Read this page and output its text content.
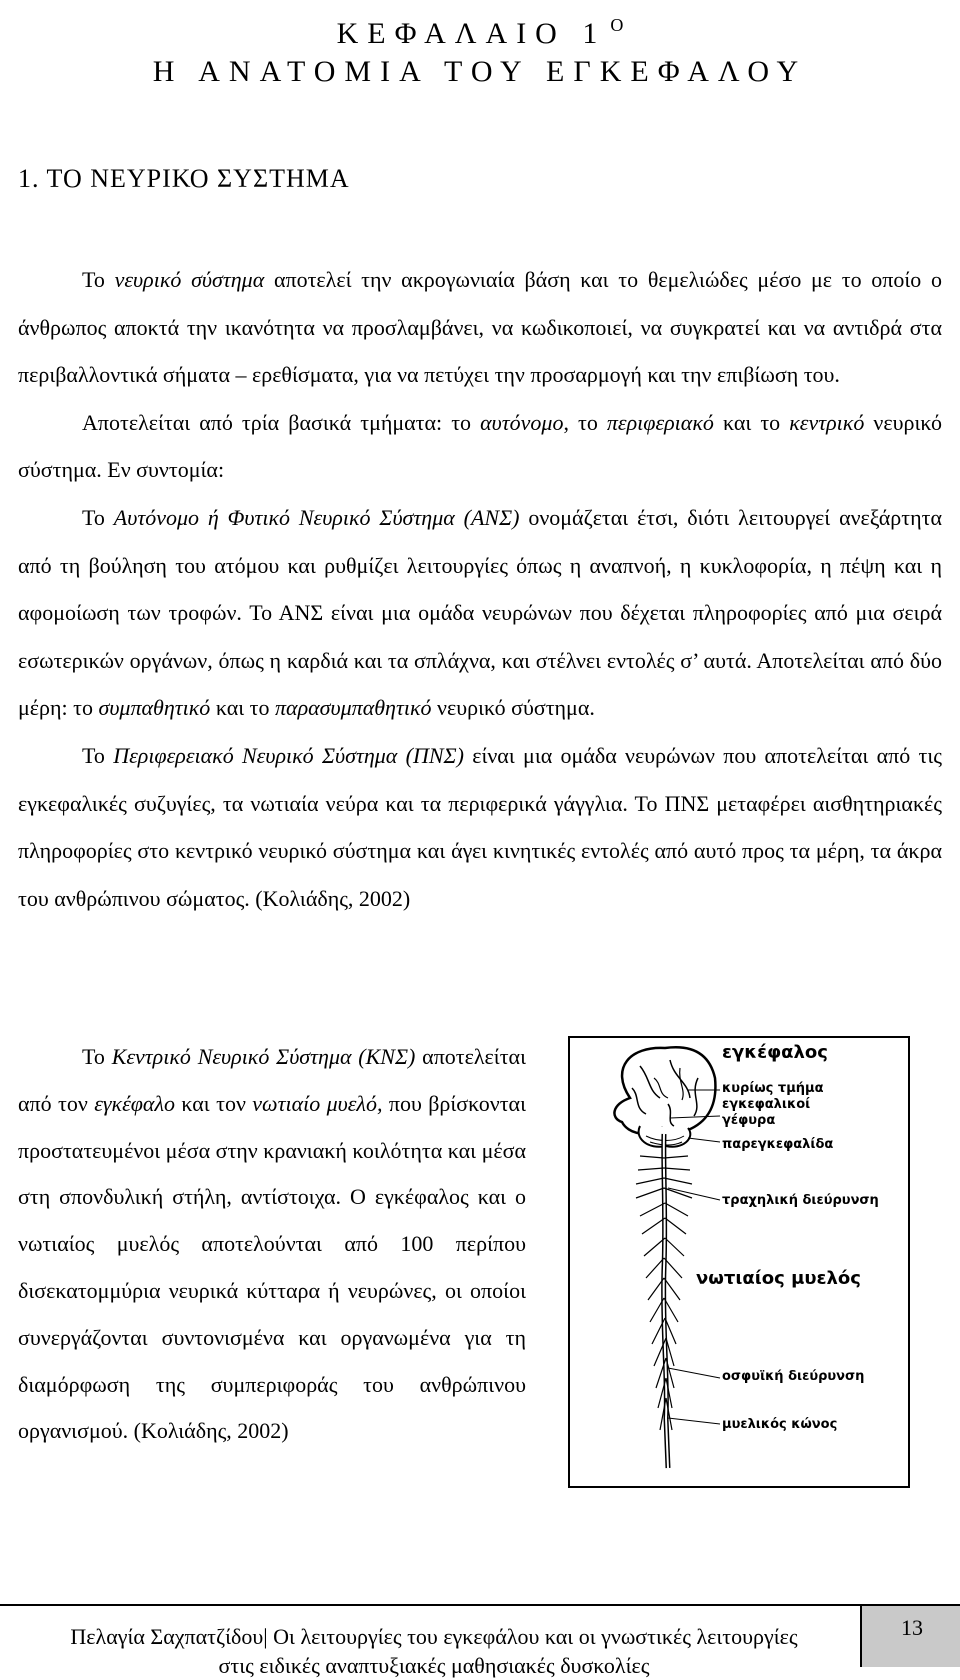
ΚΕΦΑΛΑΙΟ 1 $^O$
Η ΑΝΑΤΟΜΙΑ ΤΟΥ ΕΓΚΕΦΑΛΟΥ
1. ΤΟ ΝΕΥΡΙΚΟ ΣΥΣΤΗΜΑ

Το νευρικό σύστημα αποτελεί την ακρογωνιαία βάση και το θεμελιώδες μέσο με το οποίο ο άνθρωπος αποκτά την ικανότητα να προσλαμβάνει, να κωδικοποιεί, να συγκρατεί και να αντιδρά στα περιβαλλοντικά σήματα – ερεθίσματα, για να πετύχει την προσαρμογή και την επιβίωση του.

Αποτελείται από τρία βασικά τμήματα: το αυτόνομο, το περιφεριακό και το κεντρικό νευρικό σύστημα. Εν συντομία:

Το Αυτόνομο ή Φυτικό Νευρικό Σύστημα (ΑΝΣ) ονομάζεται έτσι, διότι λειτουργεί ανεξάρτητα από τη βούληση του ατόμου και ρυθμίζει λειτουργίες όπως η αναπνοή, η κυκλοφορία, η πέψη και η αφομοίωση των τροφών. Το ΑΝΣ είναι μια ομάδα νευρώνων που δέχεται πληροφορίες από μια σειρά εσωτερικών οργάνων, όπως η καρδιά και τα σπλάχνα, και στέλνει εντολές σ’ αυτά. Αποτελείται από δύο μέρη: το συμπαθητικό και το παρασυμπαθητικό νευρικό σύστημα.

Το Περιφερειακό Νευρικό Σύστημα (ΠΝΣ) είναι μια ομάδα νευρώνων που αποτελείται από τις εγκεφαλικές συζυγίες, τα νωτιαία νεύρα και τα περιφερικά γάγγλια. Το ΠΝΣ μεταφέρει αισθητηριακές πληροφορίες στο κεντρικό νευρικό σύστημα και άγει κινητικές εντολές από αυτό προς τα μέρη, τα άκρα του ανθρώπινου σώματος. (Κολιάδης, 2002)

Το Κεντρικό Νευρικό Σύστημα (ΚΝΣ) αποτελείται από τον εγκέφαλο και τον νωτιαίο μυελό, που βρίσκονται προστατευμένοι μέσα στην κρανιακή κοιλότητα και μέσα στη σπονδυλική στήλη, αντίστοιχα. Ο εγκέφαλος και ο νωτιαίος μυελός αποτελούνται από 100 περίπου δισεκατομμύρια νευρικά κύτταρα ή νευρώνες, οι οποίοι συνεργάζονται συντονισμένα και οργανωμένα για τη διαμόρφωση της συμπεριφοράς του ανθρώπινου οργανισμού. (Κολιάδης, 2002)
εγκέφαλος
κυρίως τμήμα
εγκεφαλικοί
γέφυρα
παρεγκεφαλίδα
τραχηλική διεύρυνση
νωτιαίος μυελός
οσφυϊκή διεύρυνση
μυελικός κώνος
Πελαγία Σαχπατζίδου| Οι λειτουργίες του εγκεφάλου και οι γνωστικές λειτουργίες
στις ειδικές αναπτυξιακές μαθησιακές δυσκολίες
13
